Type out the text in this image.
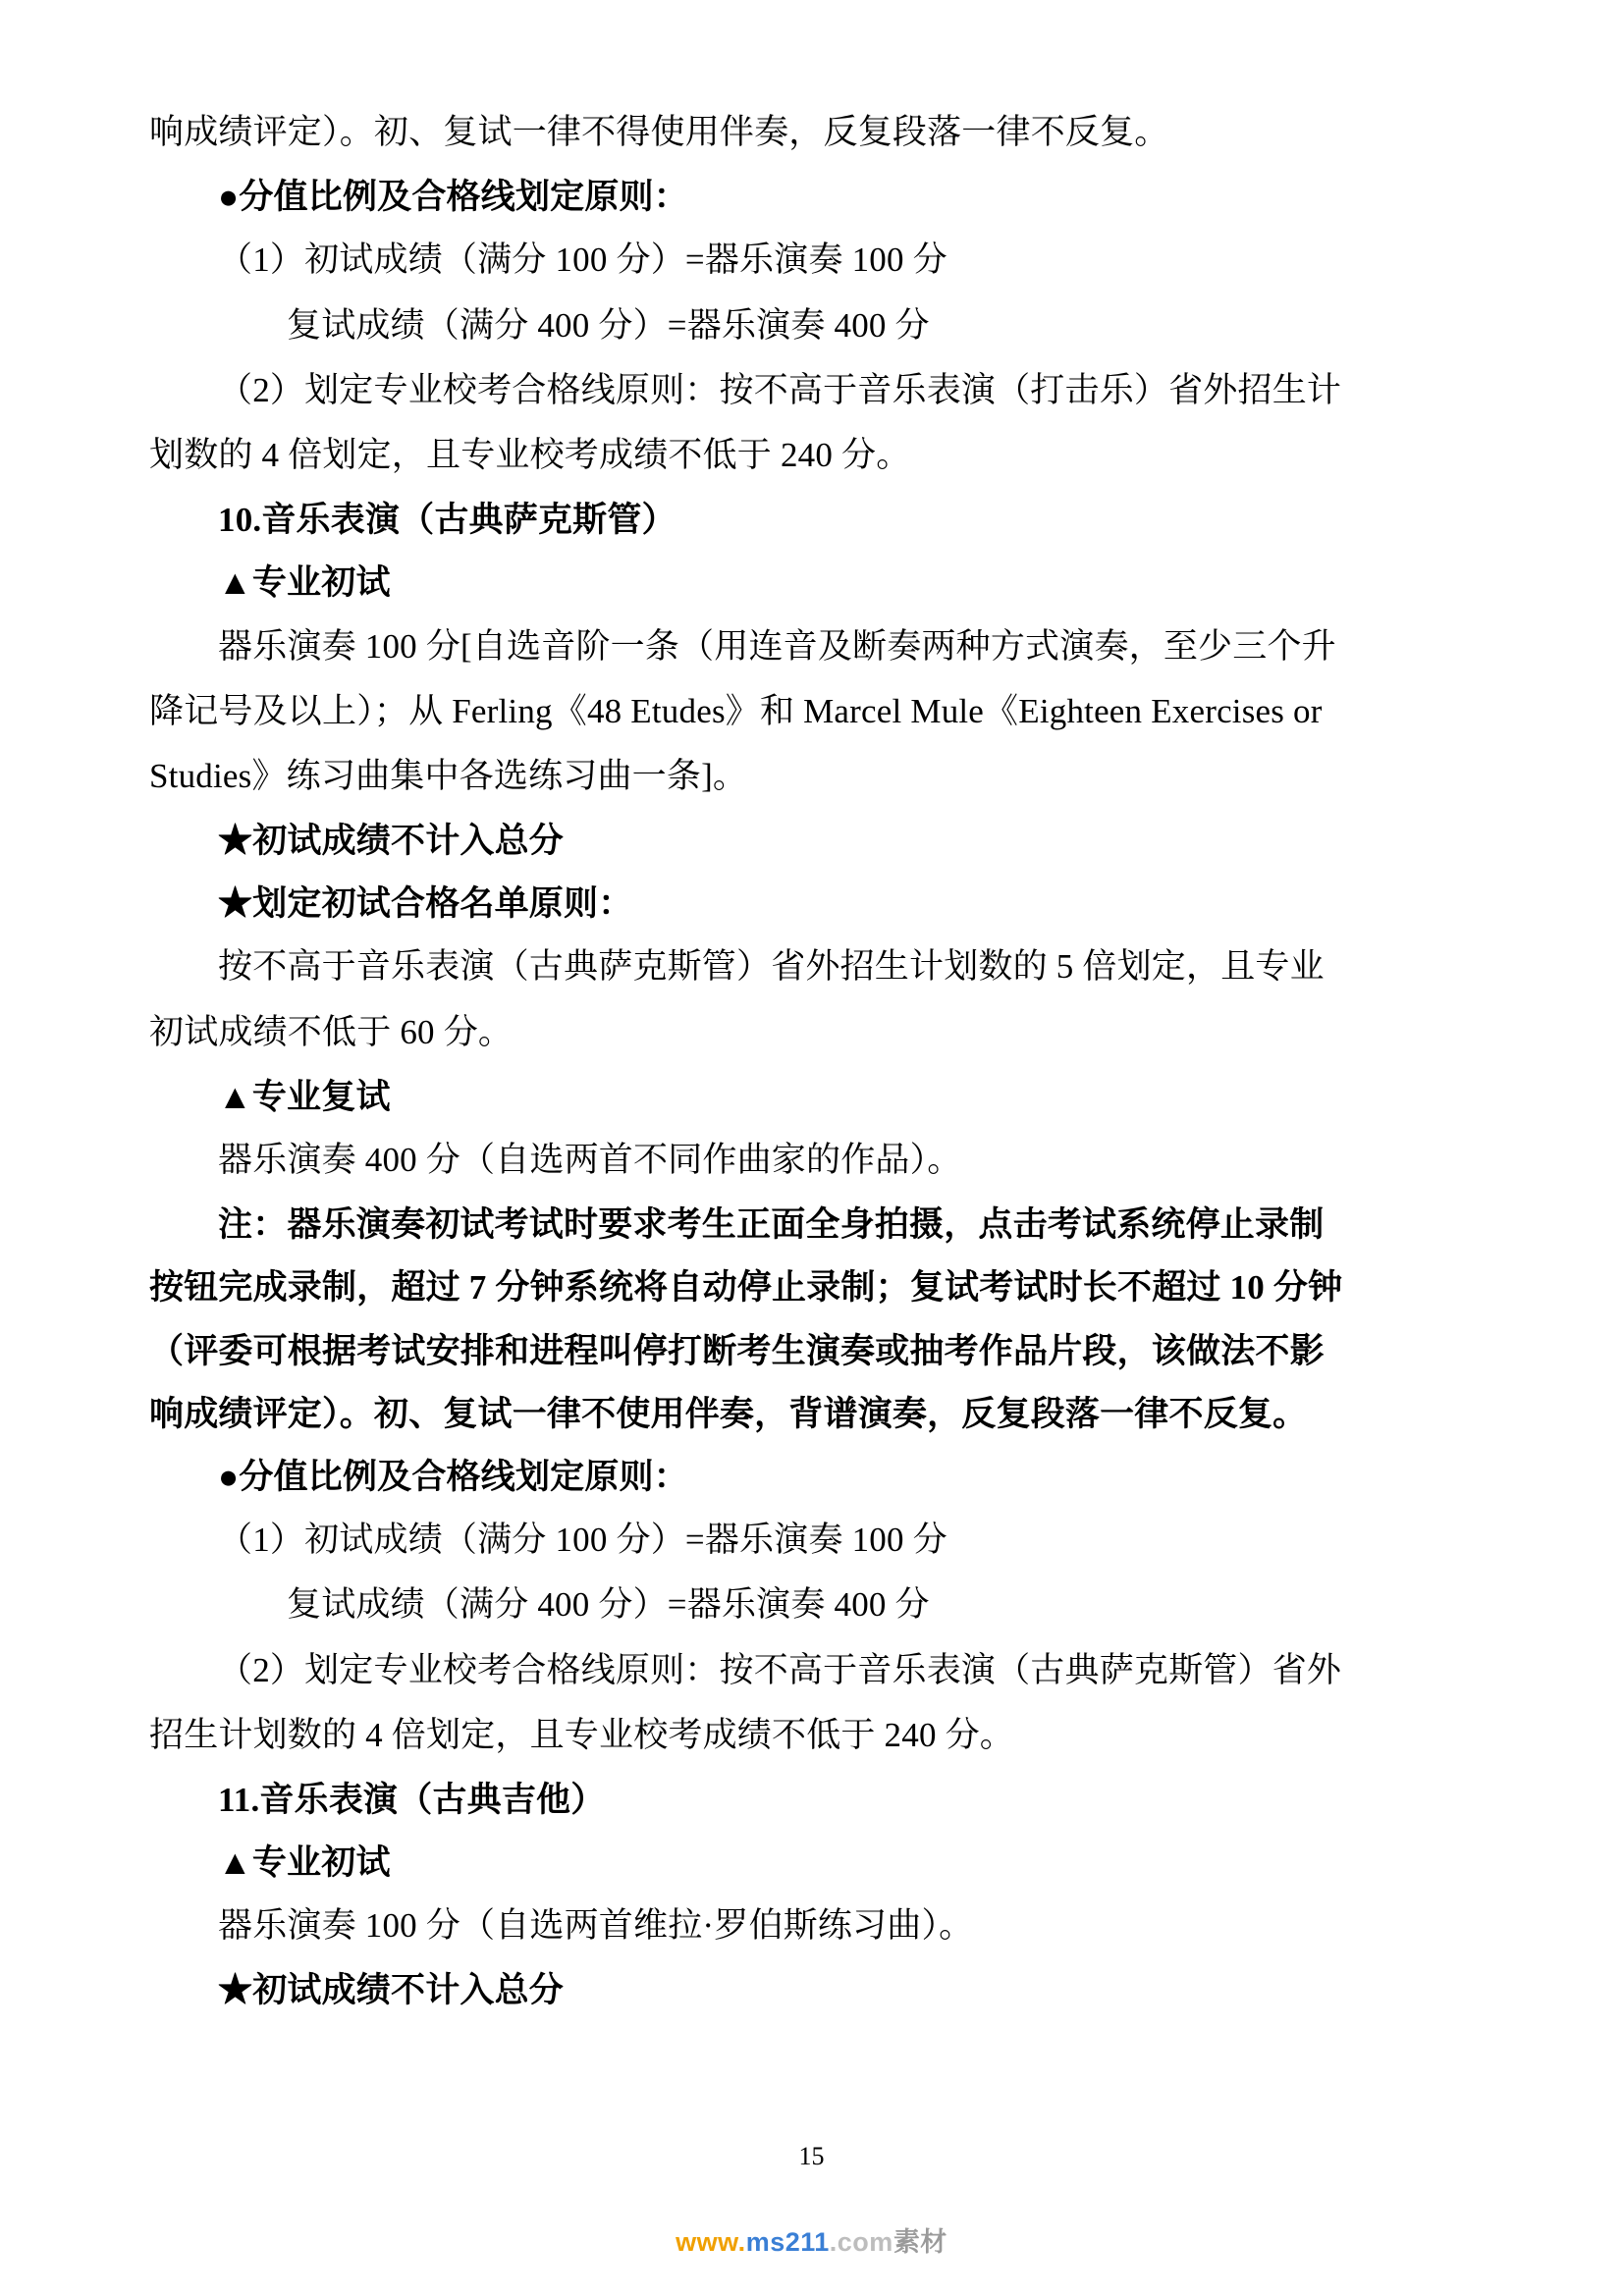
响成绩评定）。初、复试一律不得使用伴奏，反复段落一律不反复。

●分值比例及合格线划定原则：

（1）初试成绩（满分 100 分）=器乐演奏 100 分

复试成绩（满分 400 分）=器乐演奏 400 分

（2）划定专业校考合格线原则：按不高于音乐表演（打击乐）省外招生计

划数的 4 倍划定，且专业校考成绩不低于 240 分。

10.音乐表演（古典萨克斯管）

▲专业初试

器乐演奏 100 分[自选音阶一条（用连音及断奏两种方式演奏，至少三个升

降记号及以上）；从 Ferling《48 Etudes》和 Marcel Mule《Eighteen Exercises or

Studies》练习曲集中各选练习曲一条]。

★初试成绩不计入总分

★划定初试合格名单原则：

按不高于音乐表演（古典萨克斯管）省外招生计划数的 5 倍划定，且专业

初试成绩不低于 60 分。

▲专业复试

器乐演奏 400 分（自选两首不同作曲家的作品）。

注：器乐演奏初试考试时要求考生正面全身拍摄，点击考试系统停止录制

按钮完成录制，超过 7 分钟系统将自动停止录制；复试考试时长不超过 10 分钟

（评委可根据考试安排和进程叫停打断考生演奏或抽考作品片段，该做法不影

响成绩评定）。初、复试一律不使用伴奏，背谱演奏，反复段落一律不反复。

●分值比例及合格线划定原则：

（1）初试成绩（满分 100 分）=器乐演奏 100 分

复试成绩（满分 400 分）=器乐演奏 400 分

（2）划定专业校考合格线原则：按不高于音乐表演（古典萨克斯管）省外

招生计划数的 4 倍划定，且专业校考成绩不低于 240 分。

11.音乐表演（古典吉他）

▲专业初试

器乐演奏 100 分（自选两首维拉·罗伯斯练习曲）。

★初试成绩不计入总分

15
www.ms211.com素材
